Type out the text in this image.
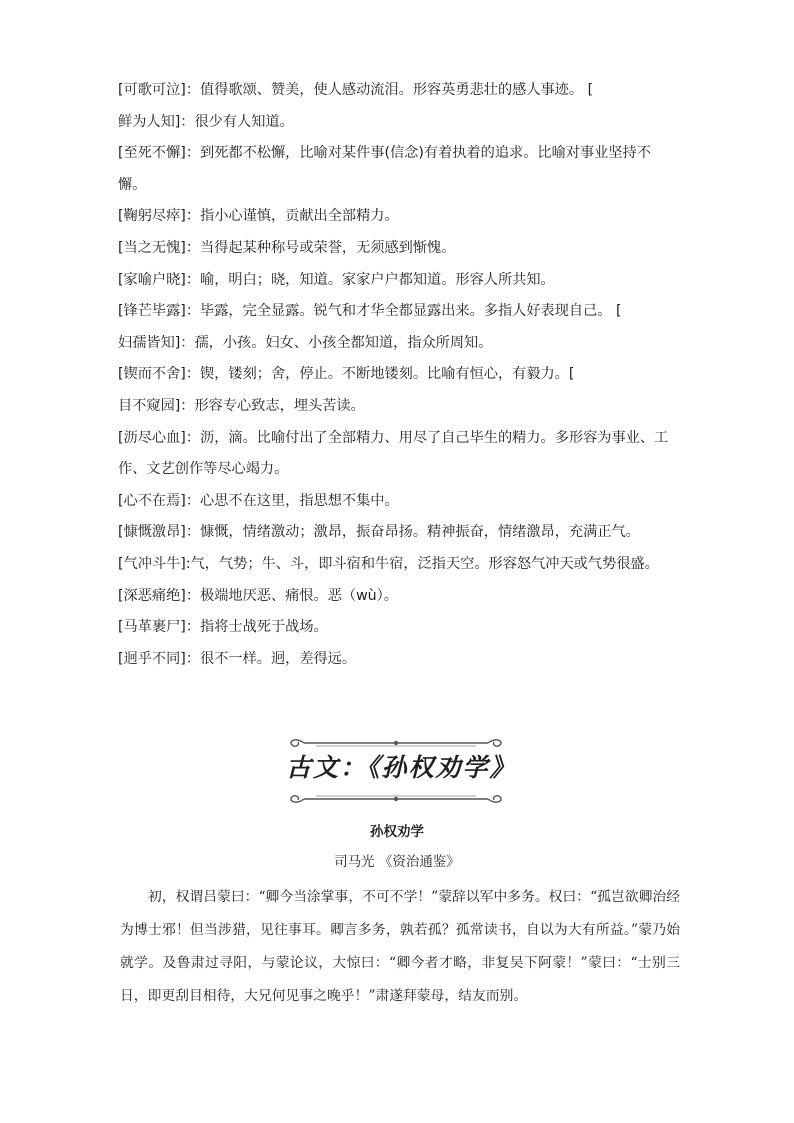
[可歌可泣]：值得歌颂、赞美，使人感动流泪。形容英勇悲壮的感人事迹。 [

鲜为人知]：很少有人知道。

[至死不懈]：到死都不松懈，比喻对某件事(信念)有着执着的追求。比喻对事业坚持不懈。

[鞠躬尽瘁]：指小心谨慎，贡献出全部精力。

[当之无愧]：当得起某种称号或荣誉，无须感到惭愧。

[家喻户晓]：喻，明白；晓，知道。家家户户都知道。形容人所共知。

[锋芒毕露]：毕露，完全显露。锐气和才华全都显露出来。多指人好表现自己。 [

妇孺皆知]：孺，小孩。妇女、小孩全都知道，指众所周知。

[锲而不舍]：锲，镂刻；舍，停止。不断地镂刻。比喻有恒心，有毅力。[

目不窥园]：形容专心致志，埋头苦读。

[沥尽心血]：沥，滴。比喻付出了全部精力、用尽了自己毕生的精力。多形容为事业、工作、文艺创作等尽心竭力。

[心不在焉]：心思不在这里，指思想不集中。

[慷慨激昂]：慷慨，情绪激动；激昂，振奋昂扬。精神振奋，情绪激昂，充满正气。

[气冲斗牛]:气，气势；牛、斗，即斗宿和牛宿，泛指天空。形容怒气冲天或气势很盛。

[深恶痛绝]：极端地厌恶、痛恨。恶（wù）。

[马革裹尸]：指将士战死于战场。

[迥乎不同]：很不一样。迥，差得远。

古文：《孙权劝学》
孙权劝学
司马光 《资治通鉴》

初，权谓吕蒙曰：“卿今当涂掌事，不可不学！”蒙辞以军中多务。权曰：“孤岂欲卿治经为博士邪！但当涉猎，见往事耳。卿言多务，孰若孤？孤常读书，自以为大有所益。”蒙乃始就学。及鲁肃过寻阳，与蒙论议，大惊曰：“卿今者才略，非复吴下阿蒙！”蒙曰：“士别三日，即更刮目相待，大兄何见事之晚乎！”肃遂拜蒙母，结友而别。
